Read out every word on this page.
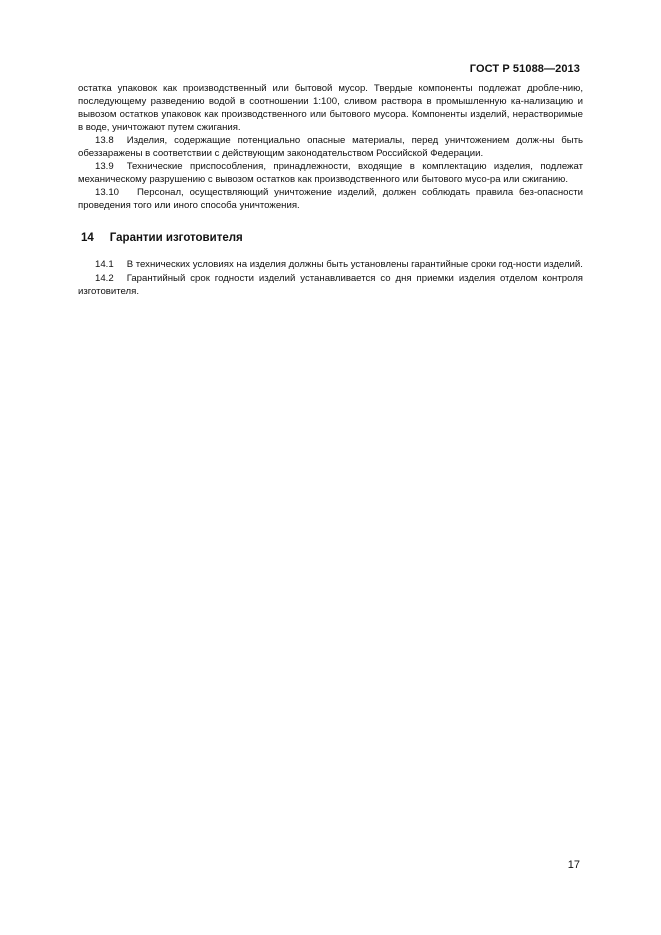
ГОСТ Р 51088—2013

остатка упаковок как производственный или бытовой мусор. Твердые компоненты подлежат дробле-нию, последующему разведению водой в соотношении 1:100, сливом раствора в промышленную ка-нализацию и вывозом остатков упаковок как производственного или бытового мусора. Компоненты изделий, нерастворимые в воде, уничтожают путем сжигания.

13.8 Изделия, содержащие потенциально опасные материалы, перед уничтожением долж-ны быть обеззаражены в соответствии с действующим законодательством Российской Федерации.

13.9 Технические приспособления, принадлежности, входящие в комплектацию изделия, подлежат механическому разрушению с вывозом остатков как производственного или бытового мусо-ра или сжиганию.

13.10 Персонал, осуществляющий уничтожение изделий, должен соблюдать правила без-опасности проведения того или иного способа уничтожения.

14 Гарантии изготовителя

14.1 В технических условиях на изделия должны быть установлены гарантийные сроки год-ности изделий.

14.2 Гарантийный срок годности изделий устанавливается со дня приемки изделия отделом контроля изготовителя.

17
